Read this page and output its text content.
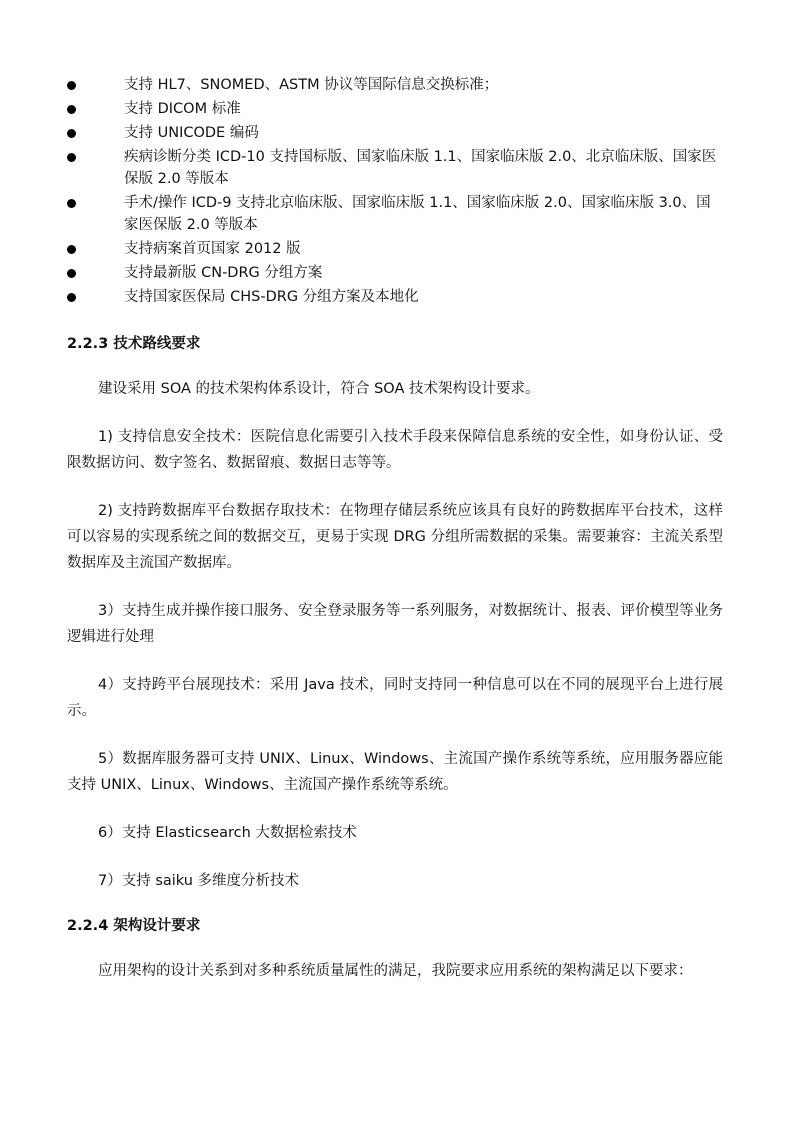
支持 HL7、SNOMED、ASTM 协议等国际信息交换标准；
支持 DICOM 标准
支持 UNICODE 编码
疾病诊断分类 ICD-10 支持国标版、国家临床版 1.1、国家临床版 2.0、北京临床版、国家医保版 2.0 等版本
手术/操作 ICD-9 支持北京临床版、国家临床版 1.1、国家临床版 2.0、国家临床版 3.0、国家医保版 2.0 等版本
支持病案首页国家 2012 版
支持最新版 CN-DRG 分组方案
支持国家医保局 CHS-DRG 分组方案及本地化
2.2.3 技术路线要求

建设采用 SOA 的技术架构体系设计，符合 SOA 技术架构设计要求。

1) 支持信息安全技术：医院信息化需要引入技术手段来保障信息系统的安全性，如身份认证、受限数据访问、数字签名、数据留痕、数据日志等等。

2) 支持跨数据库平台数据存取技术：在物理存储层系统应该具有良好的跨数据库平台技术，这样可以容易的实现系统之间的数据交互，更易于实现 DRG 分组所需数据的采集。需要兼容：主流关系型数据库及主流国产数据库。

3）支持生成并操作接口服务、安全登录服务等一系列服务，对数据统计、报表、评价模型等业务逻辑进行处理

4）支持跨平台展现技术：采用 Java 技术，同时支持同一种信息可以在不同的展现平台上进行展示。

5）数据库服务器可支持 UNIX、Linux、Windows、主流国产操作系统等系统，应用服务器应能支持 UNIX、Linux、Windows、主流国产操作系统等系统。

6）支持 Elasticsearch 大数据检索技术

7）支持 saiku 多维度分析技术

2.2.4 架构设计要求

应用架构的设计关系到对多种系统质量属性的满足，我院要求应用系统的架构满足以下要求：
